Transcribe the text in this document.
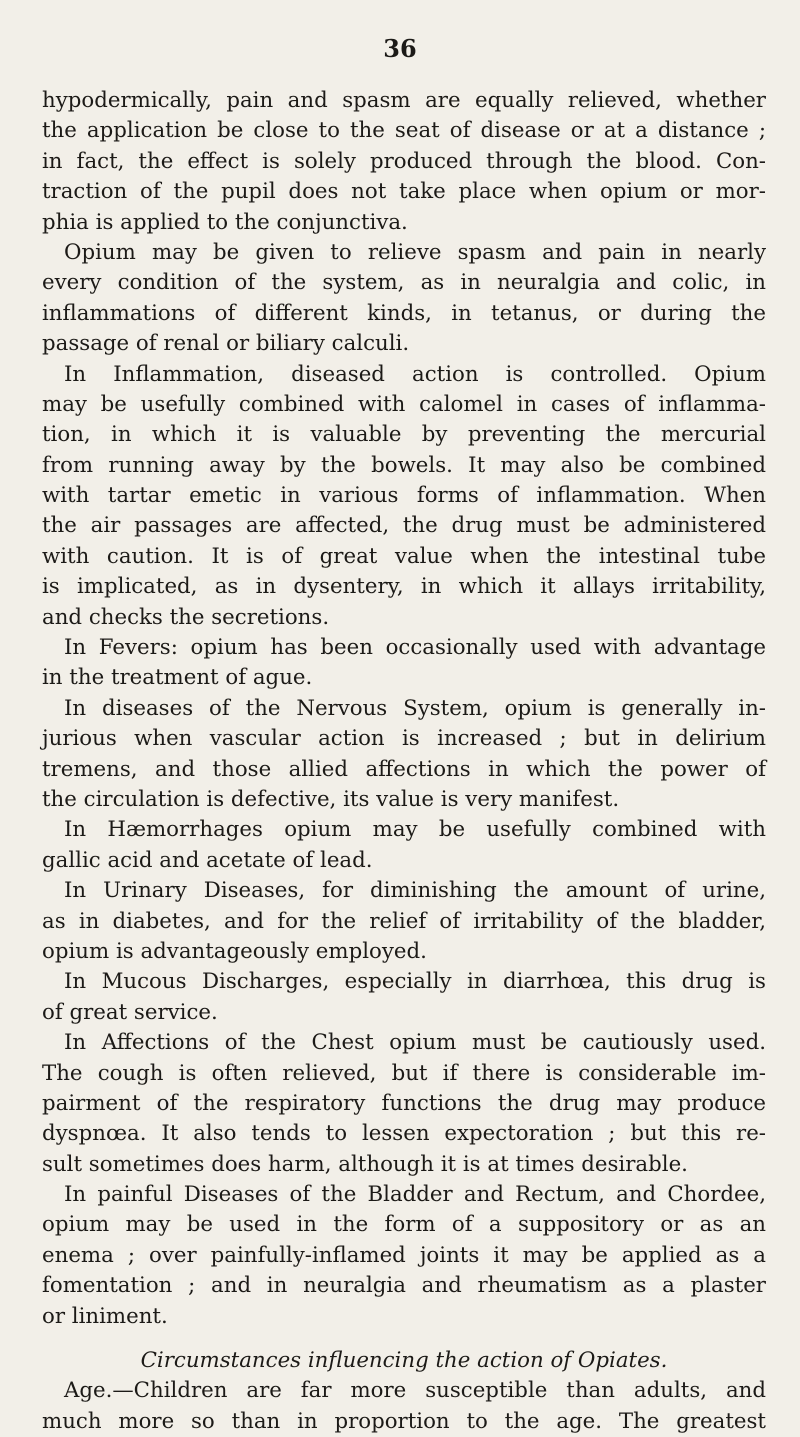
36
hypodermically, pain and spasm are equally relieved, whether
the application be close to the seat of disease or at a distance ;
in fact, the effect is solely produced through the blood. Con-
traction of the pupil does not take place when opium or mor-
phia is applied to the conjunctiva.
Opium may be given to relieve spasm and pain in nearly
every condition of the system, as in neuralgia and colic, in
inflammations of different kinds, in tetanus, or during the
passage of renal or biliary calculi.
In Inflammation, diseased action is controlled. Opium
may be usefully combined with calomel in cases of inflamma-
tion, in which it is valuable by preventing the mercurial
from running away by the bowels. It may also be combined
with tartar emetic in various forms of inflammation. When
the air passages are affected, the drug must be administered
with caution. It is of great value when the intestinal tube
is implicated, as in dysentery, in which it allays irritability,
and checks the secretions.
In Fevers: opium has been occasionally used with advantage
in the treatment of ague.
In diseases of the Nervous System, opium is generally in-
jurious when vascular action is increased ; but in delirium
tremens, and those allied affections in which the power of
the circulation is defective, its value is very manifest.
In Hæmorrhages opium may be usefully combined with
gallic acid and acetate of lead.
In Urinary Diseases, for diminishing the amount of urine,
as in diabetes, and for the relief of irritability of the bladder,
opium is advantageously employed.
In Mucous Discharges, especially in diarrhœa, this drug is
of great service.
In Affections of the Chest opium must be cautiously used.
The cough is often relieved, but if there is considerable im-
pairment of the respiratory functions the drug may produce
dyspnœa. It also tends to lessen expectoration ; but this re-
sult sometimes does harm, although it is at times desirable.
In painful Diseases of the Bladder and Rectum, and Chordee,
opium may be used in the form of a suppository or as an
enema ; over painfully-inflamed joints it may be applied as a
fomentation ; and in neuralgia and rheumatism as a plaster
or liniment.
Circumstances influencing the action of Opiates.
Age.—Children are far more susceptible than adults, and
much more so than in proportion to the age. The greatest
